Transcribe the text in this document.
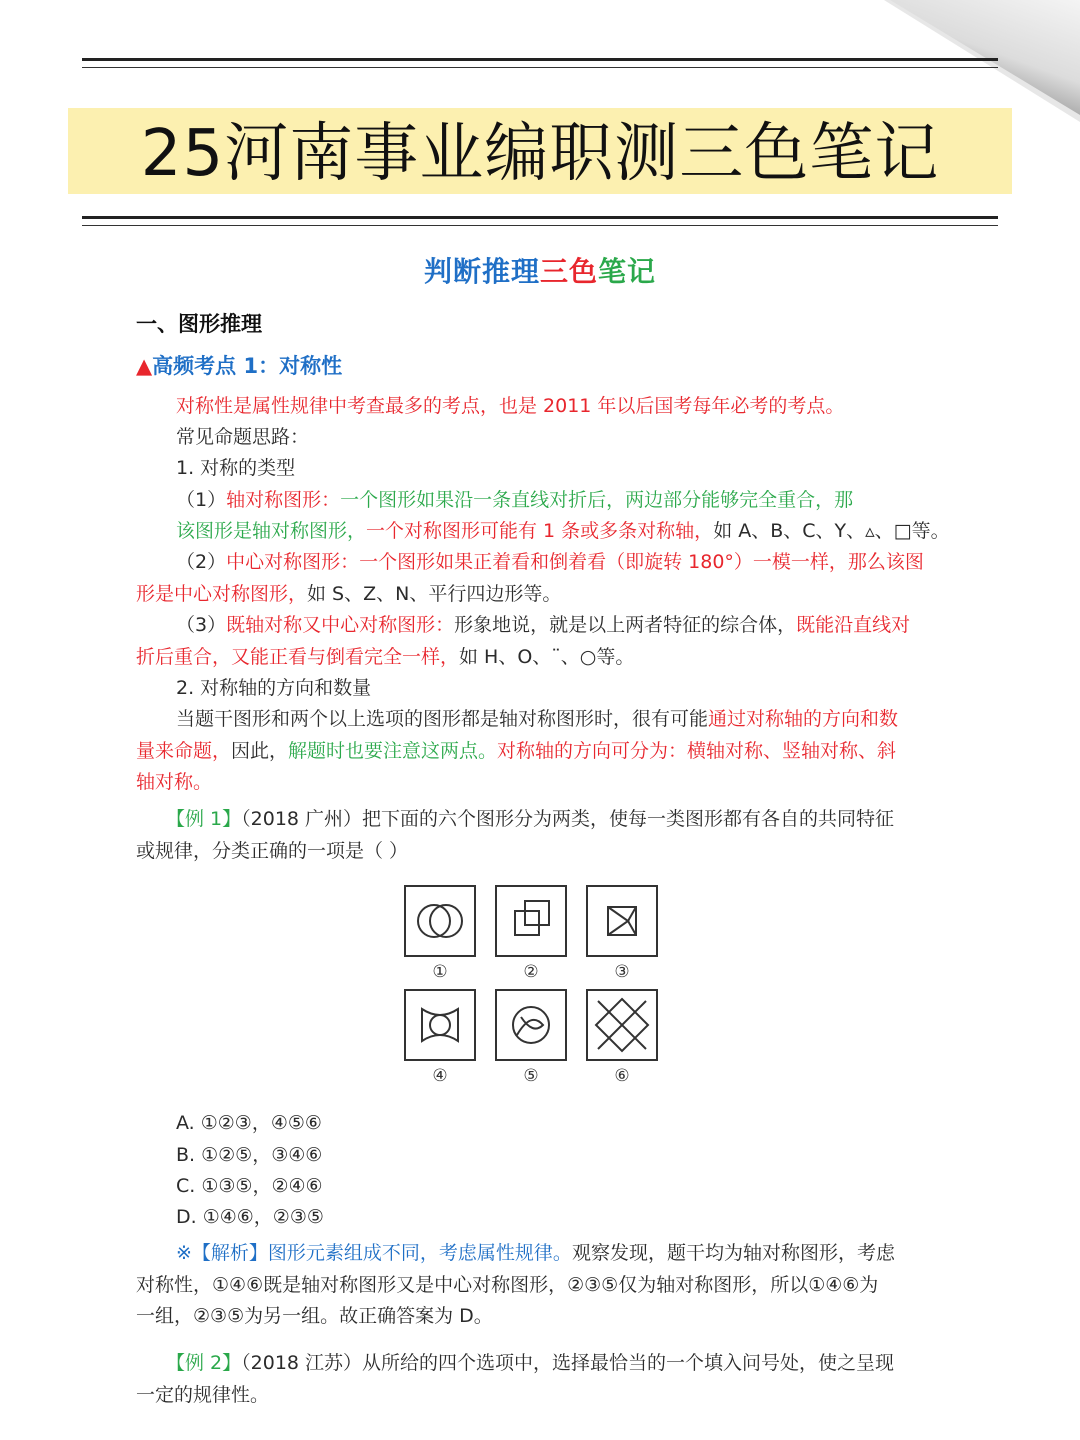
25河南事业编职测三色笔记
判断推理三色笔记
一、图形推理
▲高频考点 1：对称性
对称性是属性规律中考查最多的考点，也是 2011 年以后国考每年必考的考点。
常见命题思路：
1. 对称的类型
（1）轴对称图形：一个图形如果沿一条直线对折后，两边部分能够完全重合，那
该图形是轴对称图形，一个对称图形可能有 1 条或多条对称轴，如 A、B、C、Y、▵、□等。
（2）中心对称图形：一个图形如果正着看和倒着看（即旋转 180°）一模一样，那么该图
形是中心对称图形，如 S、Z、N、平行四边形等。
（3）既轴对称又中心对称图形：形象地说，就是以上两者特征的综合体，既能沿直线对
折后重合，又能正看与倒看完全一样，如 H、O、¨、○等。
2. 对称轴的方向和数量
当题干图形和两个以上选项的图形都是轴对称图形时，很有可能通过对称轴的方向和数
量来命题，因此，解题时也要注意这两点。对称轴的方向可分为：横轴对称、竖轴对称、斜
轴对称。
【例 1】（2018 广州）把下面的六个图形分为两类，使每一类图形都有各自的共同特征
或规律，分类正确的一项是（ ）
①	②	③
④	⑤	⑥
A. ①②③，④⑤⑥
B. ①②⑤，③④⑥
C. ①③⑤，②④⑥
D. ①④⑥，②③⑤
※【解析】图形元素组成不同，考虑属性规律。观察发现，题干均为轴对称图形，考虑
对称性，①④⑥既是轴对称图形又是中心对称图形，②③⑤仅为轴对称图形，所以①④⑥为
一组，②③⑤为另一组。故正确答案为 D。
【例 2】（2018 江苏）从所给的四个选项中，选择最恰当的一个填入问号处，使之呈现
一定的规律性。
